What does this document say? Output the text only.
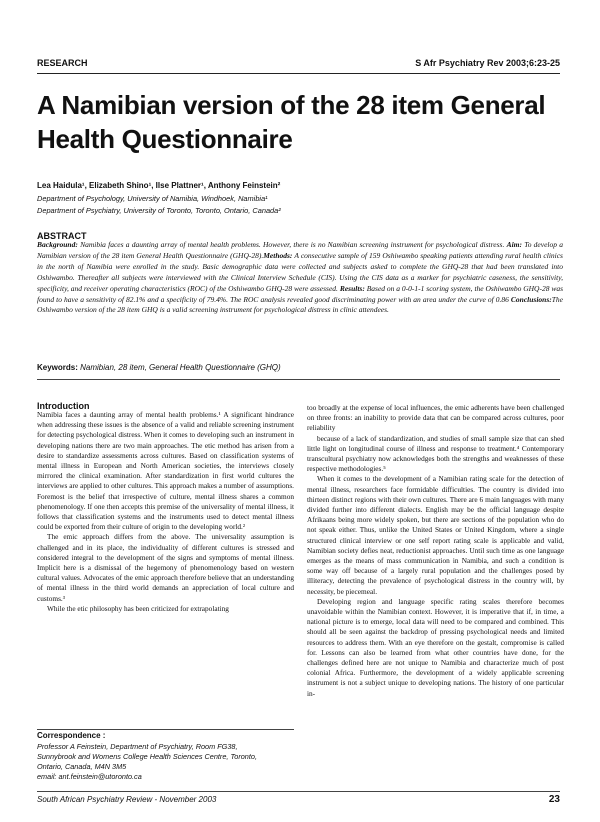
RESEARCH	S Afr Psychiatry Rev 2003;6:23-25
A Namibian version of the 28 item General Health Questionnaire
Lea Haidula¹, Elizabeth Shino¹, Ilse Plattner¹, Anthony Feinstein²
Department of Psychology, University of Namibia, Windhoek, Namibia¹
Department of Psychiatry, University of Toronto, Toronto, Ontario, Canada²
ABSTRACT
Background: Namibia faces a daunting array of mental health problems. However, there is no Namibian screening instrument for psychological distress. Aim: To develop a Namibian version of the 28 item General Health Questionnaire (GHQ-28).Methods: A consecutive sample of 159 Oshiwambo speaking patients attending rural health clinics in the north of Namibia were enrolled in the study. Basic demographic data were collected and subjects asked to complete the GHQ-28 that had been translated into Oshiwambo. Thereafter all subjects were interviewed with the Clinical Interview Schedule (CIS). Using the CIS data as a marker for psychiatric caseness, the sensitivity, specificity, and receiver operating characteristics (ROC) of the Oshiwambo GHQ-28 were assessed. Results: Based on a 0-0-1-1 scoring system, the Oshiwambo GHQ-28 was found to have a sensitivity of 82.1% and a specificity of 79.4%. The ROC analysis revealed good discriminating power with an area under the curve of 0.86 Conclusions:The Oshiwambo version of the 28 item GHQ is a valid screening instrument for psychological distress in clinic attendees.
Keywords: Namibian, 28 item, General Health Questionnaire (GHQ)
Introduction

Namibia faces a daunting array of mental health problems.¹ A significant hindrance when addressing these issues is the absence of a valid and reliable screening instrument for detecting psychological distress. When it comes to developing such an instrument in developing nations there are two main approaches. The etic method has arisen from a desire to standardize assessments across cultures. Based on classification systems of mental illness in European and North American societies, the interviews closely mirrored the clinical examination. After standardization in first world cultures the interviews are applied to other cultures. This approach makes a number of assumptions. Foremost is the belief that irrespective of culture, mental illness shares a common phenomenology. If one then accepts this premise of the universality of mental illness, it follows that classification systems and the instruments used to detect mental illness could be exported from their culture of origin to the developing world.²

The emic approach differs from the above. The universality assumption is challenged and in its place, the individuality of different cultures is stressed and considered integral to the development of the signs and symptoms of mental illness. Implicit here is a dismissal of the hegemony of phenomenology based on western cultural values. Advocates of the emic approach therefore believe that an understanding of mental illness in the third world demands an appreciation of local culture and customs.³

While the etic philosophy has been criticized for extrapolating

too broadly at the expense of local influences, the emic adherents have been challenged on three fronts: an inability to provide data that can be compared across cultures, poor reliability

because of a lack of standardization, and studies of small sample size that can shed little light on longitudinal course of illness and response to treatment.⁴ Contemporary transcultural psychiatry now acknowledges both the strengths and weaknesses of these respective methodologies.⁵

When it comes to the development of a Namibian rating scale for the detection of mental illness, researchers face formidable difficulties. The country is divided into thirteen distinct regions with their own cultures. There are 6 main languages with many divided further into different dialects. English may be the official language despite Afrikaans being more widely spoken, but there are sections of the population who do not speak either. Thus, unlike the United States or United Kingdom, where a single structured clinical interview or one self report rating scale is applicable and valid, Namibian society defies neat, reductionist approaches. Until such time as one language emerges as the means of mass communication in Namibia, and such a condition is some way off because of a largely rural population and the challenges posed by illiteracy, detecting the prevalence of psychological distress in the country will, by necessity, be piecemeal.

Developing region and language specific rating scales therefore becomes unavoidable within the Namibian context. However, it is imperative that if, in time, a national picture is to emerge, local data will need to be compared and combined. This should all be seen against the backdrop of pressing psychological needs and limited resources to address them. With an eye therefore on the gestalt, compromise is called for. Lessons can also be learned from what other countries have done, for the challenges defined here are not unique to Namibia and characterize much of post colonial Africa. Furthermore, the development of a widely applicable screening instrument is not a subject unique to developing nations. The history of one particular in-

Correspondence :
Professor A Feinstein, Department of Psychiatry, Room FG38,
Sunnybrook and Womens College Health Sciences Centre, Toronto,
Ontario, Canada, M4N 3M5
email: ant.feinstein@utoronto.ca
South African Psychiatry Review - November 2003	23
